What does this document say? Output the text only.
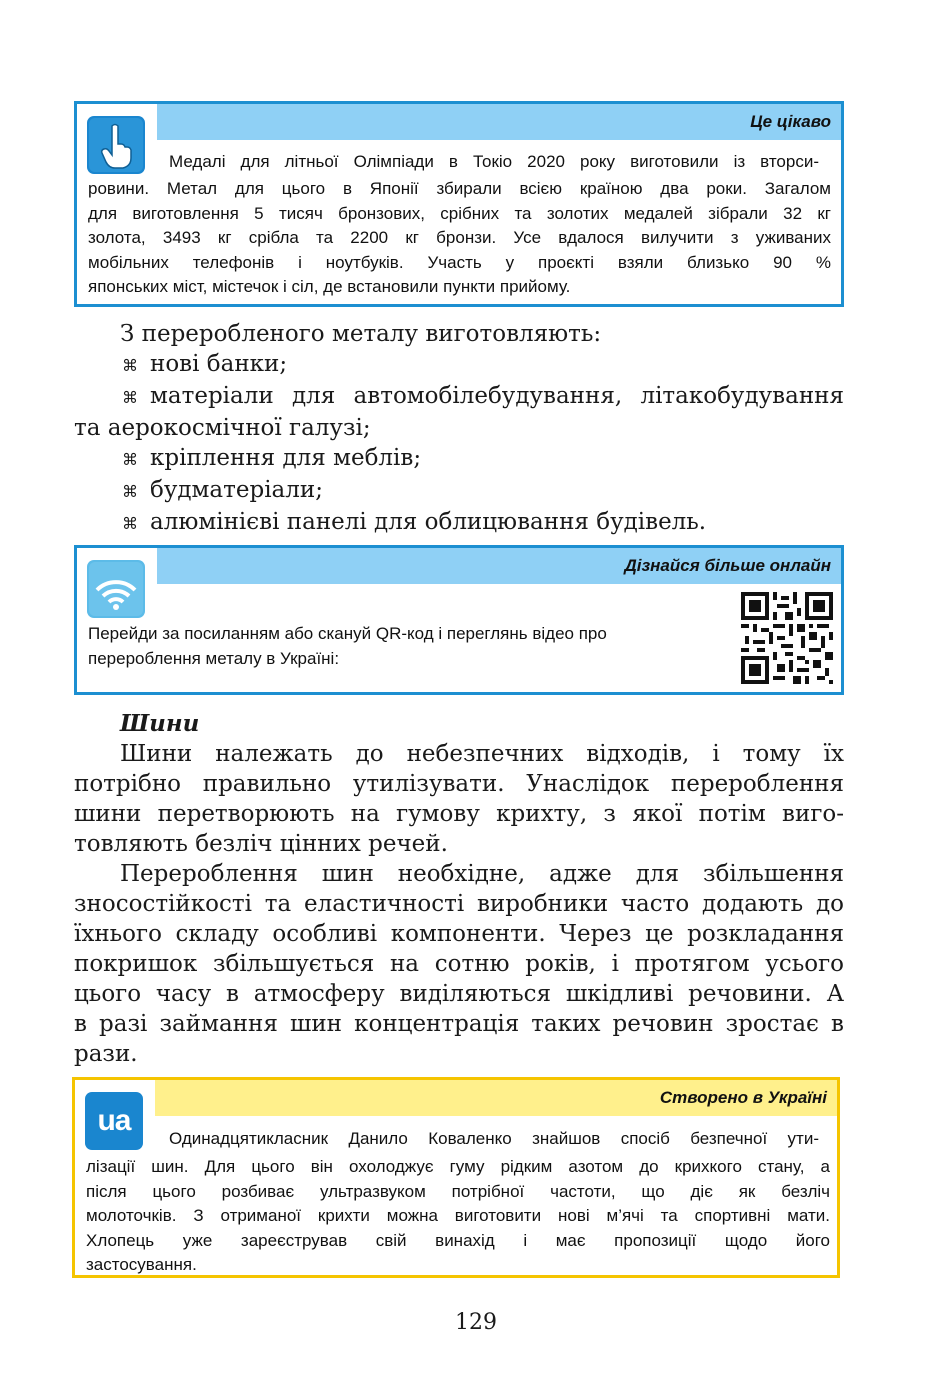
Це цікаво
Медалі для літньої Олімпіади в Токіо 2020 року виготовили із вторси-
ровини. Метал для цього в Японії збирали всією країною два роки. Загалом
для виготовлення 5 тисяч бронзових, срібних та золотих медалей зібрали 32 кг
золота, 3493 кг срібла та 2200 кг бронзи. Усе вдалося вилучити з уживаних
мобільних телефонів і ноутбуків. Участь у проєкті взяли близько 90 %
японських міст, містечок і сіл, де встановили пункти прийому.
З переробленого металу виготовляють:
⌘ нові банки;
⌘ матеріали для автомобілебудування, літакобудування
та аерокосмічної галузі;
⌘ кріплення для меблів;
⌘ будматеріали;
⌘ алюмінієві панелі для облицювання будівель.
Дізнайся більше онлайн
Перейди за посиланням або скануй QR-код і переглянь відео про
перероблення металу в Україні:
Шини
Шини належать до небезпечних відходів, і тому їх
потрібно правильно утилізувати. Унаслідок перероблення
шини перетворюють на гумову крихту, з якої потім виго-
товляють безліч цінних речей.
Перероблення шин необхідне, адже для збільшення
зносостійкості та еластичності виробники часто додають до
їхнього складу особливі компоненти. Через це розкладання
покришок збільшується на сотню років, і протягом усього
цього часу в атмосферу виділяються шкідливі речовини. А
в разі займання шин концентрація таких речовин зростає в
рази.
Створено в Україні
ua
Одинадцятикласник Данило Коваленко знайшов спосіб безпечної ути-
лізації шин. Для цього він охолоджує гуму рідким азотом до крихкого стану, а
після цього розбиває ультразвуком потрібної частоти, що діє як безліч
молоточків. З отриманої крихти можна виготовити нові м’ячі та спортивні мати.
Хлопець уже зареєстрував свій винахід і має пропозиції щодо його
застосування.
129
